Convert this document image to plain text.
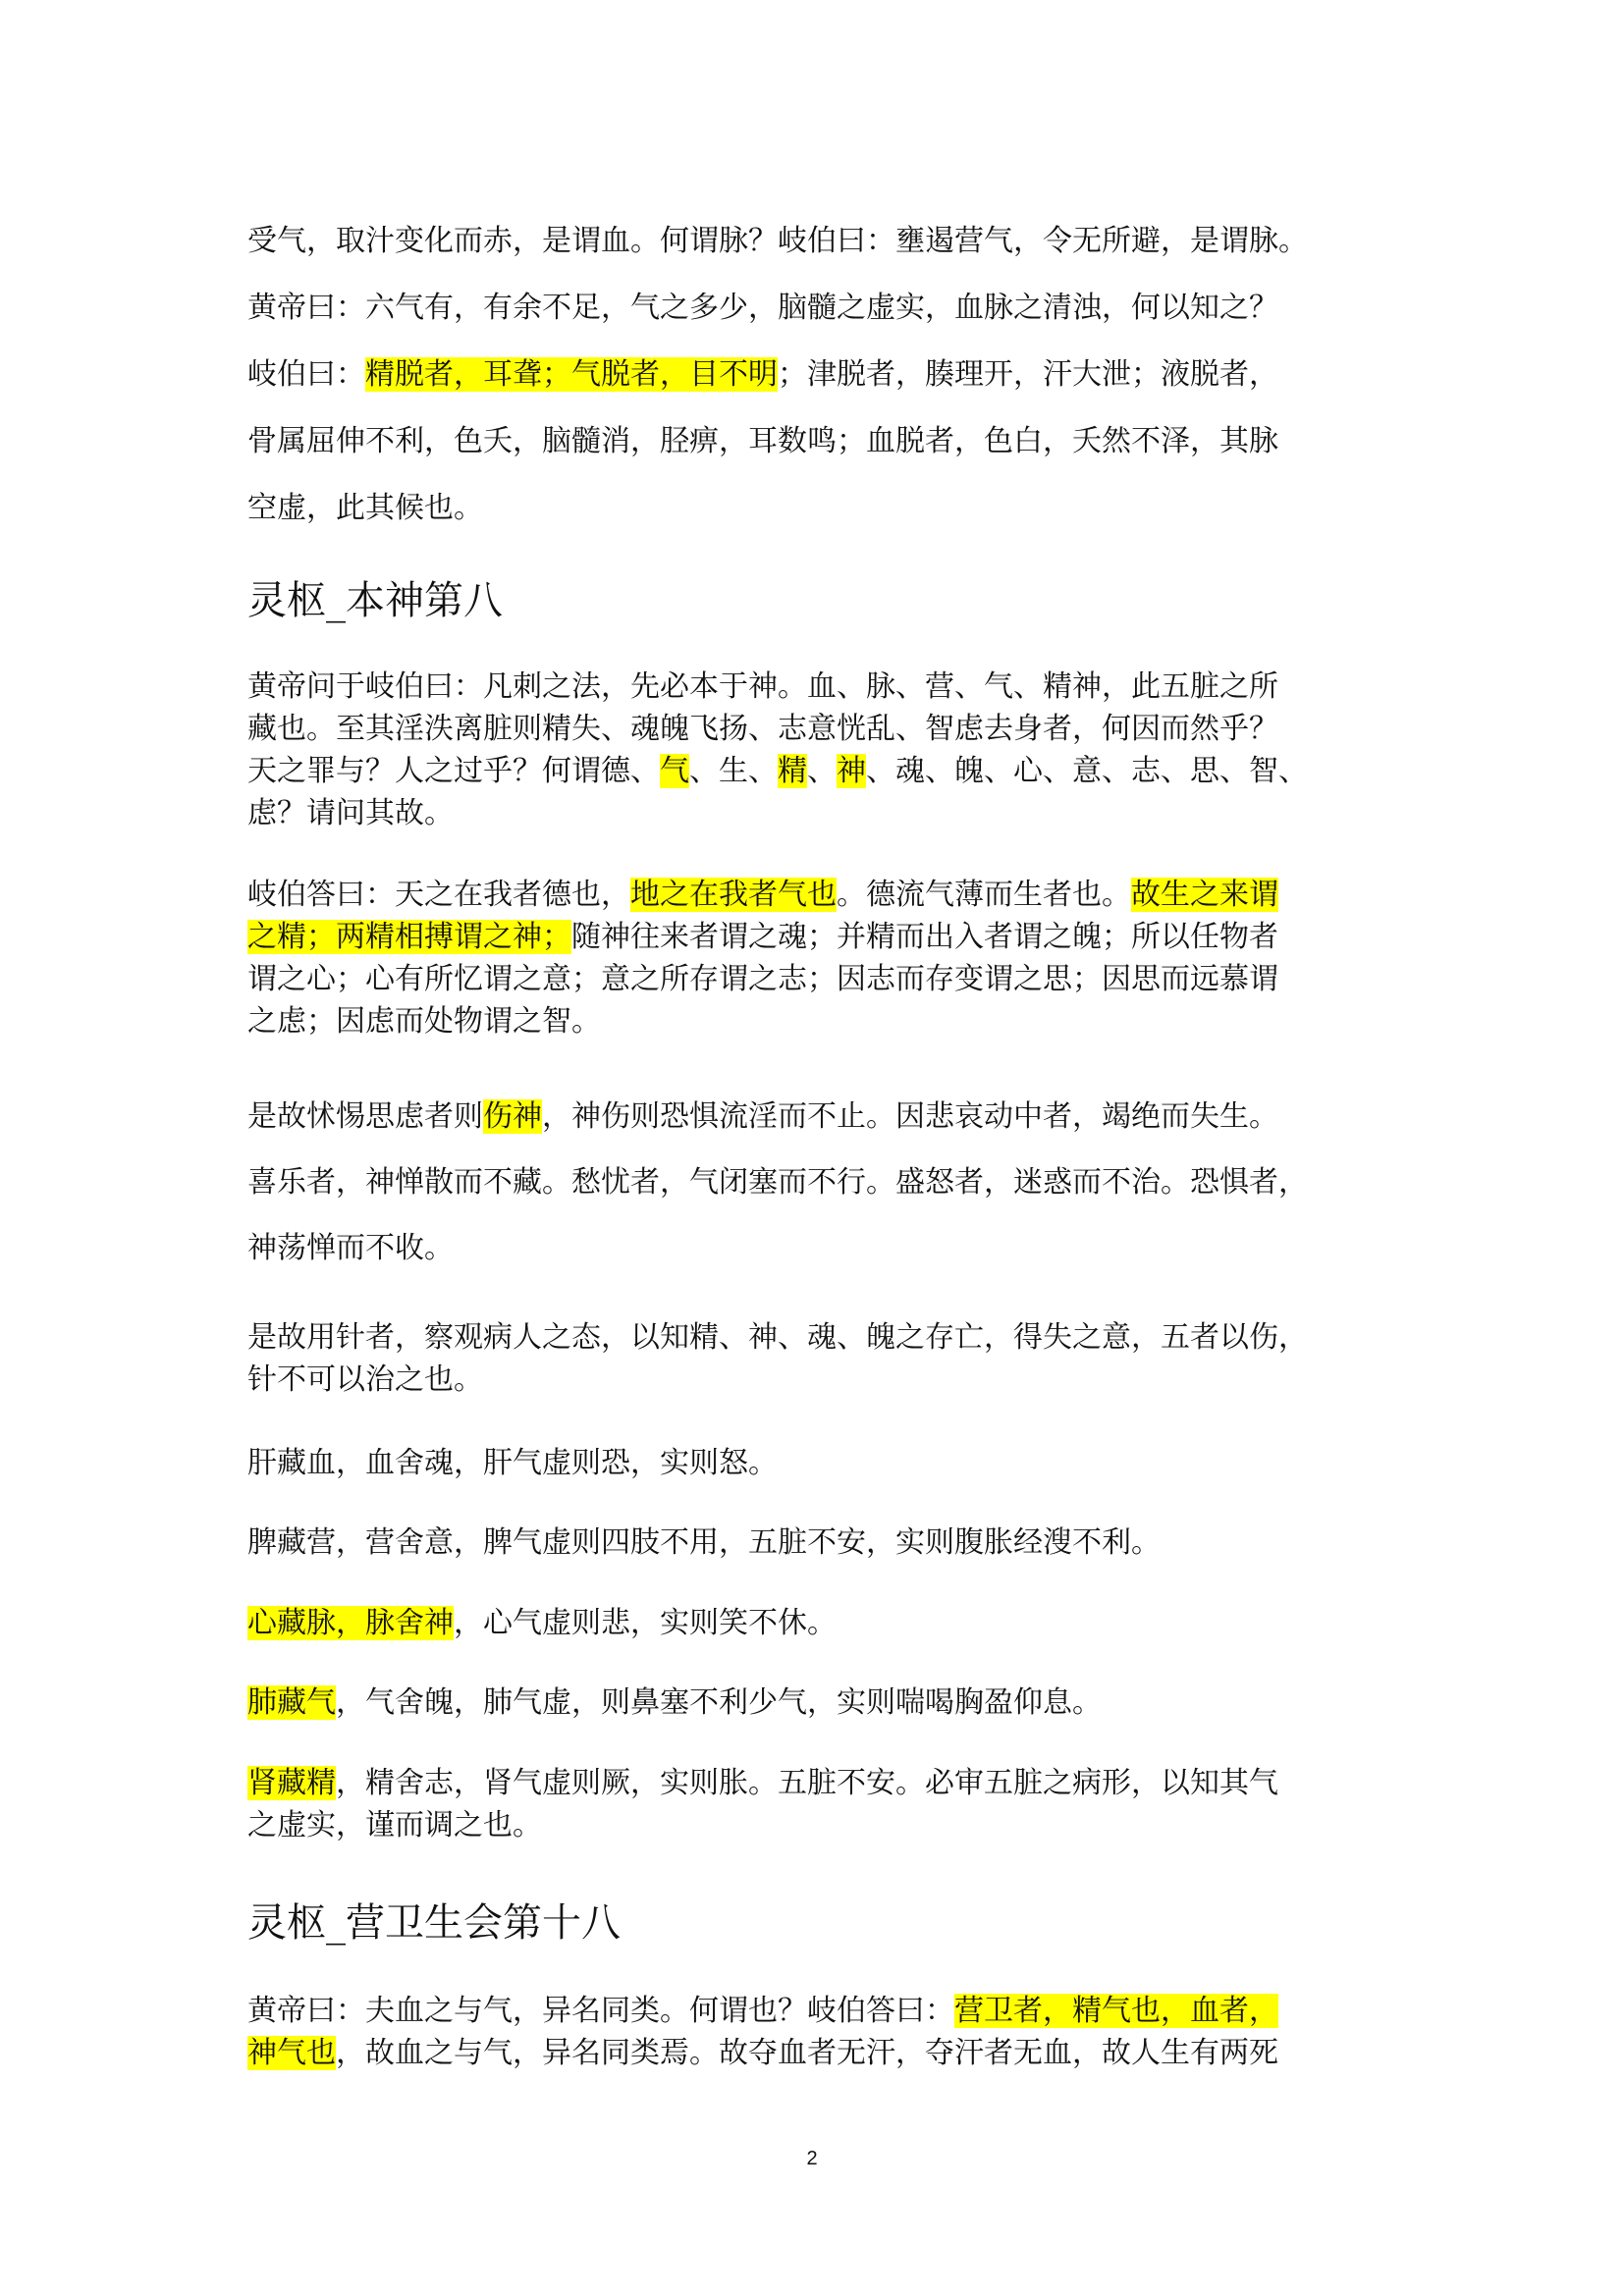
受气，取汁变化而赤，是谓血。何谓脉？岐伯曰：壅遏营气，令无所避，是谓脉。
黄帝曰：六气有，有余不足，气之多少，脑髓之虚实，血脉之清浊，何以知之？
岐伯曰：精脱者，耳聋；气脱者，目不明；津脱者，腠理开，汗大泄；液脱者，
骨属屈伸不利，色夭，脑髓消，胫痹，耳数鸣；血脱者，色白，夭然不泽，其脉
空虚，此其候也。
灵枢_本神第八
黄帝问于岐伯曰：凡刺之法，先必本于神。血、脉、营、气、精神，此五脏之所
藏也。至其淫泆离脏则精失、魂魄飞扬、志意恍乱、智虑去身者，何因而然乎？
天之罪与？人之过乎？何谓德、气、生、精、神、魂、魄、心、意、志、思、智、
虑？请问其故。
岐伯答曰：天之在我者德也，地之在我者气也。德流气薄而生者也。故生之来谓
之精；两精相搏谓之神；随神往来者谓之魂；并精而出入者谓之魄；所以任物者
谓之心；心有所忆谓之意；意之所存谓之志；因志而存变谓之思；因思而远慕谓
之虑；因虑而处物谓之智。
是故怵惕思虑者则伤神，神伤则恐惧流淫而不止。因悲哀动中者，竭绝而失生。
喜乐者，神惮散而不藏。愁忧者，气闭塞而不行。盛怒者，迷惑而不治。恐惧者，
神荡惮而不收。
是故用针者，察观病人之态，以知精、神、魂、魄之存亡，得失之意，五者以伤，
针不可以治之也。
肝藏血，血舍魂，肝气虚则恐，实则怒。
脾藏营，营舍意，脾气虚则四肢不用，五脏不安，实则腹胀经溲不利。
心藏脉，脉舍神，心气虚则悲，实则笑不休。
肺藏气，气舍魄，肺气虚，则鼻塞不利少气，实则喘喝胸盈仰息。
肾藏精，精舍志，肾气虚则厥，实则胀。五脏不安。必审五脏之病形，以知其气
之虚实，谨而调之也。
灵枢_营卫生会第十八
黄帝曰：夫血之与气，异名同类。何谓也？岐伯答曰：营卫者，精气也，血者，
神气也，故血之与气，异名同类焉。故夺血者无汗，夺汗者无血，故人生有两死
2
